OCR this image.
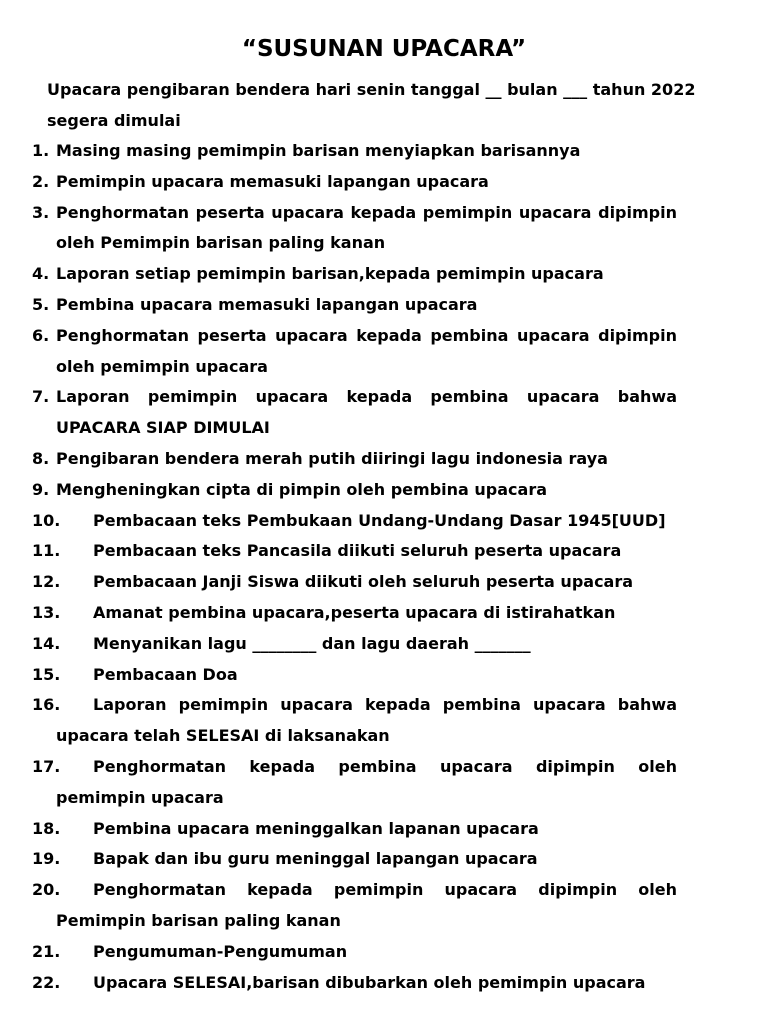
“SUSUNAN UPACARA”

Upacara pengibaran bendera hari senin tanggal __ bulan ___ tahun 2022 segera dimulai

1. Masing masing pemimpin barisan menyiapkan barisannya
2. Pemimpin upacara memasuki lapangan upacara
3. Penghormatan peserta upacara kepada pemimpin upacara dipimpin oleh Pemimpin barisan paling kanan
4. Laporan setiap pemimpin barisan,kepada pemimpin upacara
5. Pembina upacara memasuki lapangan upacara
6. Penghormatan peserta upacara kepada pembina upacara dipimpin oleh pemimpin upacara
7. Laporan pemimpin upacara kepada pembina upacara bahwa UPACARA SIAP DIMULAI
8. Pengibaran bendera merah putih diiringi lagu indonesia raya
9. Mengheningkan cipta di pimpin oleh pembina upacara
10. Pembacaan teks Pembukaan Undang-Undang Dasar 1945[UUD]
11. Pembacaan teks Pancasila diikuti seluruh peserta upacara
12. Pembacaan Janji Siswa diikuti oleh seluruh peserta upacara
13. Amanat pembina upacara,peserta upacara di istirahatkan
14. Menyanikan lagu ________ dan lagu daerah _______
15. Pembacaan Doa
16. Laporan pemimpin upacara kepada pembina upacara bahwa upacara telah SELESAI di laksanakan
17. Penghormatan kepada pembina upacara dipimpin oleh pemimpin upacara
18. Pembina upacara meninggalkan lapanan upacara
19. Bapak dan ibu guru meninggal lapangan upacara
20. Penghormatan kepada pemimpin upacara dipimpin oleh Pemimpin barisan paling kanan
21. Pengumuman-Pengumuman
22. Upacara SELESAI,barisan dibubarkan oleh pemimpin upacara
